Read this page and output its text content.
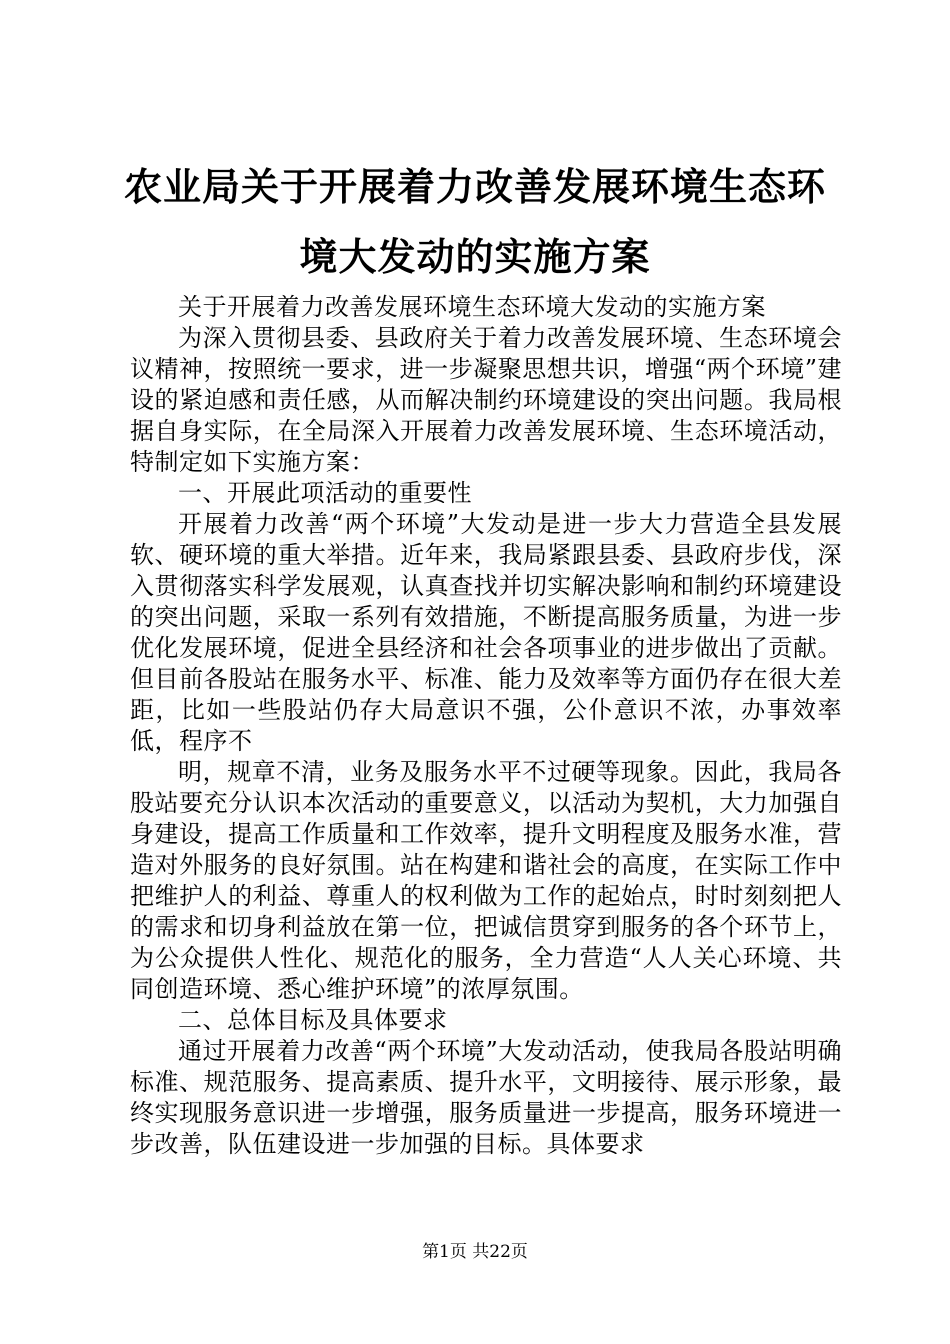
农业局关于开展着力改善发展环境生态环境大发动的实施方案

关于开展着力改善发展环境生态环境大发动的实施方案

为深入贯彻县委、县政府关于着力改善发展环境、生态环境会议精神，按照统一要求，进一步凝聚思想共识，增强“两个环境”建设的紧迫感和责任感，从而解决制约环境建设的突出问题。我局根据自身实际，在全局深入开展着力改善发展环境、生态环境活动，特制定如下实施方案：

一、开展此项活动的重要性

开展着力改善“两个环境”大发动是进一步大力营造全县发展软、硬环境的重大举措。近年来，我局紧跟县委、县政府步伐，深入贯彻落实科学发展观，认真查找并切实解决影响和制约环境建设的突出问题，采取一系列有效措施，不断提高服务质量，为进一步优化发展环境，促进全县经济和社会各项事业的进步做出了贡献。但目前各股站在服务水平、标准、能力及效率等方面仍存在很大差距，比如一些股站仍存大局意识不强，公仆意识不浓，办事效率低，程序不

明，规章不清，业务及服务水平不过硬等现象。因此，我局各股站要充分认识本次活动的重要意义，以活动为契机，大力加强自身建设，提高工作质量和工作效率，提升文明程度及服务水准，营造对外服务的良好氛围。站在构建和谐社会的高度，在实际工作中把维护人的利益、尊重人的权利做为工作的起始点，时时刻刻把人的需求和切身利益放在第一位，把诚信贯穿到服务的各个环节上，为公众提供人性化、规范化的服务，全力营造“人人关心环境、共同创造环境、悉心维护环境”的浓厚氛围。

二、总体目标及具体要求

通过开展着力改善“两个环境”大发动活动，使我局各股站明确标准、规范服务、提高素质、提升水平，文明接待、展示形象，最终实现服务意识进一步增强，服务质量进一步提高，服务环境进一步改善，队伍建设进一步加强的目标。具体要求

第1页 共22页
